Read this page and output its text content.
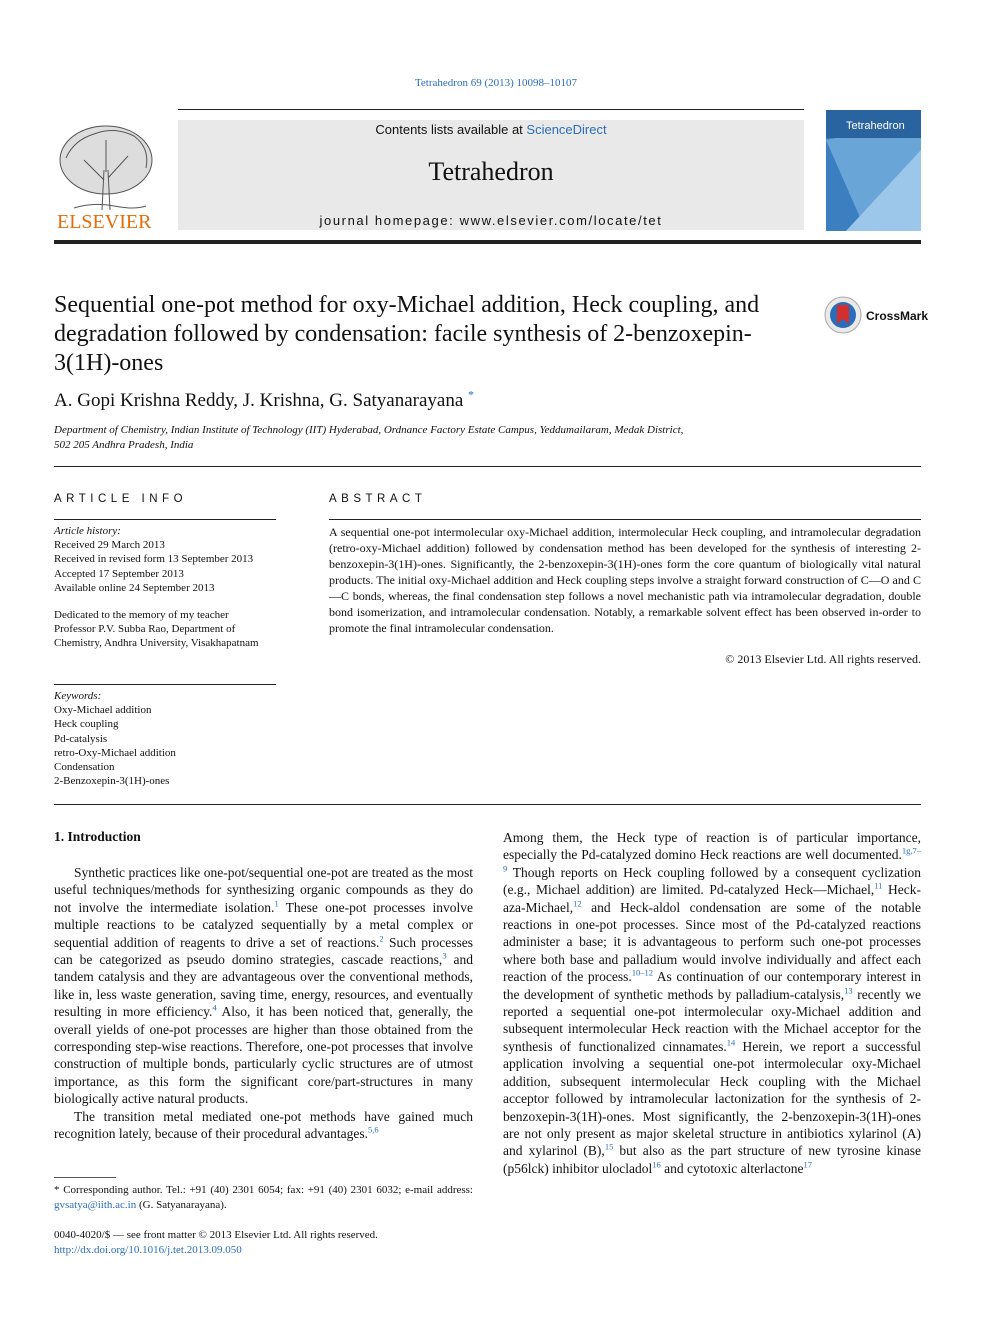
Tetrahedron 69 (2013) 10098–10107
ELSEVIER
Contents lists available at ScienceDirect
Tetrahedron
journal homepage: www.elsevier.com/locate/tet
Tetrahedron
Sequential one-pot method for oxy-Michael addition, Heck coupling, and degradation followed by condensation: facile synthesis of 2-benzoxepin-3(1H)-ones
CrossMark
A. Gopi Krishna Reddy, J. Krishna, G. Satyanarayana *
Department of Chemistry, Indian Institute of Technology (IIT) Hyderabad, Ordnance Factory Estate Campus, Yeddumailaram, Medak District,
502 205 Andhra Pradesh, India
ARTICLE INFO	ABSTRACT
Article history:
Received 29 March 2013
Received in revised form 13 September 2013
Accepted 17 September 2013
Available online 24 September 2013
Dedicated to the memory of my teacher Professor P.V. Subba Rao, Department of Chemistry, Andhra University, Visakhapatnam
Keywords:
Oxy-Michael addition
Heck coupling
Pd-catalysis
retro-Oxy-Michael addition
Condensation
2-Benzoxepin-3(1H)-ones
A sequential one-pot intermolecular oxy-Michael addition, intermolecular Heck coupling, and intramolecular degradation (retro-oxy-Michael addition) followed by condensation method has been developed for the synthesis of interesting 2-benzoxepin-3(1H)-ones. Significantly, the 2-benzoxepin-3(1H)-ones form the core quantum of biologically vital natural products. The initial oxy-Michael addition and Heck coupling steps involve a straight forward construction of C—O and C—C bonds, whereas, the final condensation step follows a novel mechanistic path via intramolecular degradation, double bond isomerization, and intramolecular condensation. Notably, a remarkable solvent effect has been observed in-order to promote the final intramolecular condensation.
© 2013 Elsevier Ltd. All rights reserved.
1. Introduction

Synthetic practices like one-pot/sequential one-pot are treated as the most useful techniques/methods for synthesizing organic compounds as they do not involve the intermediate isolation.$^1$ These one-pot processes involve multiple reactions to be catalyzed sequentially by a metal complex or sequential addition of reagents to drive a set of reactions.$^2$ Such processes can be categorized as pseudo domino strategies, cascade reactions,$^3$ and tandem catalysis and they are advantageous over the conventional methods, like in, less waste generation, saving time, energy, resources, and eventually resulting in more efficiency.$^4$ Also, it has been noticed that, generally, the overall yields of one-pot processes are higher than those obtained from the corresponding step-wise reactions. Therefore, one-pot processes that involve construction of multiple bonds, particularly cyclic structures are of utmost importance, as this form the significant core/part-structures in many biologically active natural products.

The transition metal mediated one-pot methods have gained much recognition lately, because of their procedural advantages.$^{5,6}$

Among them, the Heck type of reaction is of particular importance, especially the Pd-catalyzed domino Heck reactions are well documented.$^{1g,7-9}$ Though reports on Heck coupling followed by a consequent cyclization (e.g., Michael addition) are limited. Pd-catalyzed Heck—Michael,$^{11}$ Heck-aza-Michael,$^{12}$ and Heck-aldol condensation are some of the notable reactions in one-pot processes. Since most of the Pd-catalyzed reactions administer a base; it is advantageous to perform such one-pot processes where both base and palladium would involve individually and affect each reaction of the process.$^{10-12}$ As continuation of our contemporary interest in the development of synthetic methods by palladium-catalysis,$^{13}$ recently we reported a sequential one-pot intermolecular oxy-Michael addition and subsequent intermolecular Heck reaction with the Michael acceptor for the synthesis of functionalized cinnamates.$^{14}$ Herein, we report a successful application involving a sequential one-pot intermolecular oxy-Michael addition, subsequent intermolecular Heck coupling with the Michael acceptor followed by intramolecular lactonization for the synthesis of 2-benzoxepin-3(1H)-ones. Most significantly, the 2-benzoxepin-3(1H)-ones are not only present as major skeletal structure in antibiotics xylarinol (A) and xylarinol (B),$^{15}$ but also as the part structure of new tyrosine kinase (p56lck) inhibitor ulocladol$^{16}$ and cytotoxic alterlactone$^{17}$

* Corresponding author. Tel.: +91 (40) 2301 6054; fax: +91 (40) 2301 6032; e-mail address: gvsatya@iith.ac.in (G. Satyanarayana).
0040-4020/$ — see front matter © 2013 Elsevier Ltd. All rights reserved.
http://dx.doi.org/10.1016/j.tet.2013.09.050
